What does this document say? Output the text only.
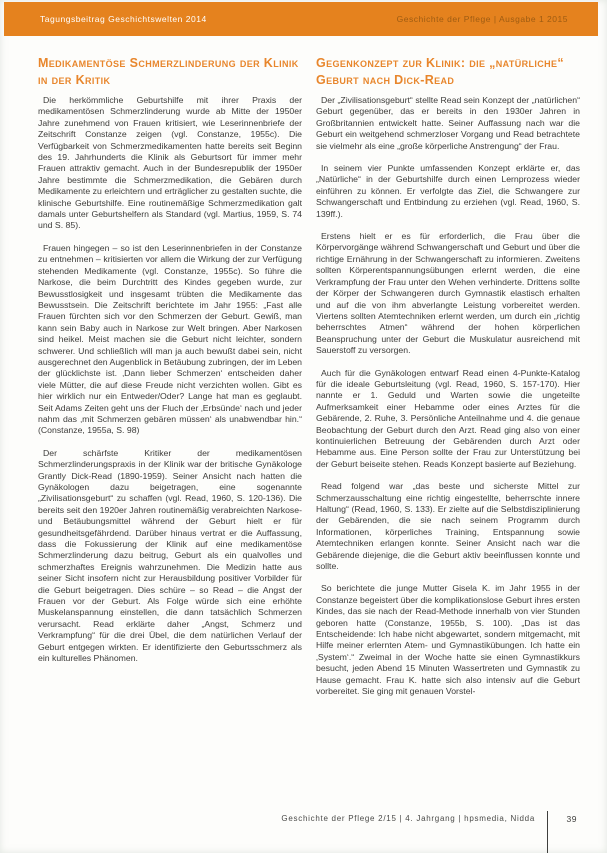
Tagungsbeitrag Geschichtswelten 2014	Geschichte der Pflege | Ausgabe 1 2015
Medikamentöse Schmerzlinderung der Klinik in der Kritik

Die herkömmliche Geburtshilfe mit ihrer Praxis der medikamentösen Schmerzlinderung wurde ab Mitte der 1950er Jahre zunehmend von Frauen kritisiert, wie Leserinnenbriefe der Zeitschrift Constanze zeigen (vgl. Constanze, 1955c). Die Verfügbarkeit von Schmerzmedikamenten hatte bereits seit Beginn des 19. Jahrhunderts die Klinik als Geburtsort für immer mehr Frauen attraktiv gemacht. Auch in der Bundesrepublik der 1950er Jahre bestimmte die Schmerzmedikation, die Gebären durch Medikamente zu erleichtern und erträglicher zu gestalten suchte, die klinische Geburtshilfe. Eine routinemäßige Schmerzmedikation galt damals unter Geburtshelfern als Standard (vgl. Martius, 1959, S. 74 und S. 85).

Frauen hingegen – so ist den Leserinnenbriefen in der Constanze zu entnehmen – kritisierten vor allem die Wirkung der zur Verfügung stehenden Medikamente (vgl. Constanze, 1955c). So führe die Narkose, die beim Durchtritt des Kindes gegeben wurde, zur Bewusstlosigkeit und insgesamt trübten die Medikamente das Bewusstsein. Die Zeitschrift berichtete im Jahr 1955: „Fast alle Frauen fürchten sich vor den Schmerzen der Geburt. Gewiß, man kann sein Baby auch in Narkose zur Welt bringen. Aber Narkosen sind heikel. Meist machen sie die Geburt nicht leichter, sondern schwerer. Und schließlich will man ja auch bewußt dabei sein, nicht ausgerechnet den Augenblick in Betäubung zubringen, der im Leben der glücklichste ist. ‚Dann lieber Schmerzen‘ entscheiden daher viele Mütter, die auf diese Freude nicht verzichten wollen. Gibt es hier wirklich nur ein Entweder/Oder? Lange hat man es geglaubt. Seit Adams Zeiten geht uns der Fluch der ‚Erbsünde‘ nach und jeder nahm das ‚mit Schmerzen gebären müssen‘ als unabwendbar hin.“ (Constanze, 1955a, S. 98)

Der schärfste Kritiker der medikamentösen Schmerzlinderungspraxis in der Klinik war der britische Gynäkologe Grantly Dick-Read (1890-1959). Seiner Ansicht nach hatten die Gynäkologen dazu beigetragen, eine sogenannte „Zivilisationsgeburt“ zu schaffen (vgl. Read, 1960, S. 120-136). Die bereits seit den 1920er Jahren routinemäßig verabreichten Narkose- und Betäubungsmittel während der Geburt hielt er für gesundheitsgefährdend. Darüber hinaus vertrat er die Auffassung, dass die Fokussierung der Klinik auf eine medikamentöse Schmerzlinderung dazu beitrug, Geburt als ein qualvolles und schmerzhaftes Ereignis wahrzunehmen. Die Medizin hatte aus seiner Sicht insofern nicht zur Herausbildung positiver Vorbilder für die Geburt beigetragen. Dies schüre – so Read – die Angst der Frauen vor der Geburt. Als Folge würde sich eine erhöhte Muskelanspannung einstellen, die dann tatsächlich Schmerzen verursacht. Read erklärte daher „Angst, Schmerz und Verkrampfung“ für die drei Übel, die dem natürlichen Verlauf der Geburt entgegen wirkten. Er identifizierte den Geburtsschmerz als ein kulturelles Phänomen.

Gegenkonzept zur Klinik: die „natürliche“ Geburt nach Dick-Read

Der „Zivilisationsgeburt“ stellte Read sein Konzept der „natürlichen“ Geburt gegenüber, das er bereits in den 1930er Jahren in Großbritannien entwickelt hatte. Seiner Auffassung nach war die Geburt ein weitgehend schmerzloser Vorgang und Read betrachtete sie vielmehr als eine „große körperliche Anstrengung“ der Frau.

In seinem vier Punkte umfassenden Konzept erklärte er, das „Natürliche“ in der Geburtshilfe durch einen Lernprozess wieder einführen zu können. Er verfolgte das Ziel, die Schwangere zur Schwangerschaft und Entbindung zu erziehen (vgl. Read, 1960, S. 139ff.).

Erstens hielt er es für erforderlich, die Frau über die Körpervorgänge während Schwangerschaft und Geburt und über die richtige Ernährung in der Schwangerschaft zu informieren. Zweitens sollten Körperentspannungsübungen erlernt werden, die eine Verkrampfung der Frau unter den Wehen verhinderte. Drittens sollte der Körper der Schwangeren durch Gymnastik elastisch erhalten und auf die von ihm abverlangte Leistung vorbereitet werden. Viertens sollten Atemtechniken erlernt werden, um durch ein „richtig beherrschtes Atmen“ während der hohen körperlichen Beanspruchung unter der Geburt die Muskulatur ausreichend mit Sauerstoff zu versorgen.

Auch für die Gynäkologen entwarf Read einen 4-Punkte-Katalog für die ideale Geburtsleitung (vgl. Read, 1960, S. 157-170). Hier nannte er 1. Geduld und Warten sowie die ungeteilte Aufmerksamkeit einer Hebamme oder eines Arztes für die Gebärende, 2. Ruhe, 3. Persönliche Anteilnahme und 4. die genaue Beobachtung der Geburt durch den Arzt. Read ging also von einer kontinuierlichen Betreuung der Gebärenden durch Arzt oder Hebamme aus. Eine Person sollte der Frau zur Unterstützung bei der Geburt beiseite stehen. Reads Konzept basierte auf Beziehung.

Read folgend war „das beste und sicherste Mittel zur Schmerzausschaltung eine richtig eingestellte, beherrschte innere Haltung“ (Read, 1960, S. 133). Er zielte auf die Selbstdisziplinierung der Gebärenden, die sie nach seinem Programm durch Informationen, körperliches Training, Entspannung sowie Atemtechniken erlangen konnte. Seiner Ansicht nach war die Gebärende diejenige, die die Geburt aktiv beeinflussen konnte und sollte.

So berichtete die junge Mutter Gisela K. im Jahr 1955 in der Constanze begeistert über die komplikationslose Geburt ihres ersten Kindes, das sie nach der Read-Methode innerhalb von vier Stunden geboren hatte (Constanze, 1955b, S. 100). „Das ist das Entscheidende: Ich habe nicht abgewartet, sondern mitgemacht, mit Hilfe meiner erlernten Atem- und Gymnastikübungen. Ich hatte ein ‚System‘.“ Zweimal in der Woche hatte sie einen Gymnastikkurs besucht, jeden Abend 15 Minuten Wassertreten und Gymnastik zu Hause gemacht. Frau K. hatte sich also intensiv auf die Geburt vorbereitet. Sie ging mit genauen Vorstel-

Geschichte der Pflege 2/15 | 4. Jahrgang | hpsmedia, Nidda	39
